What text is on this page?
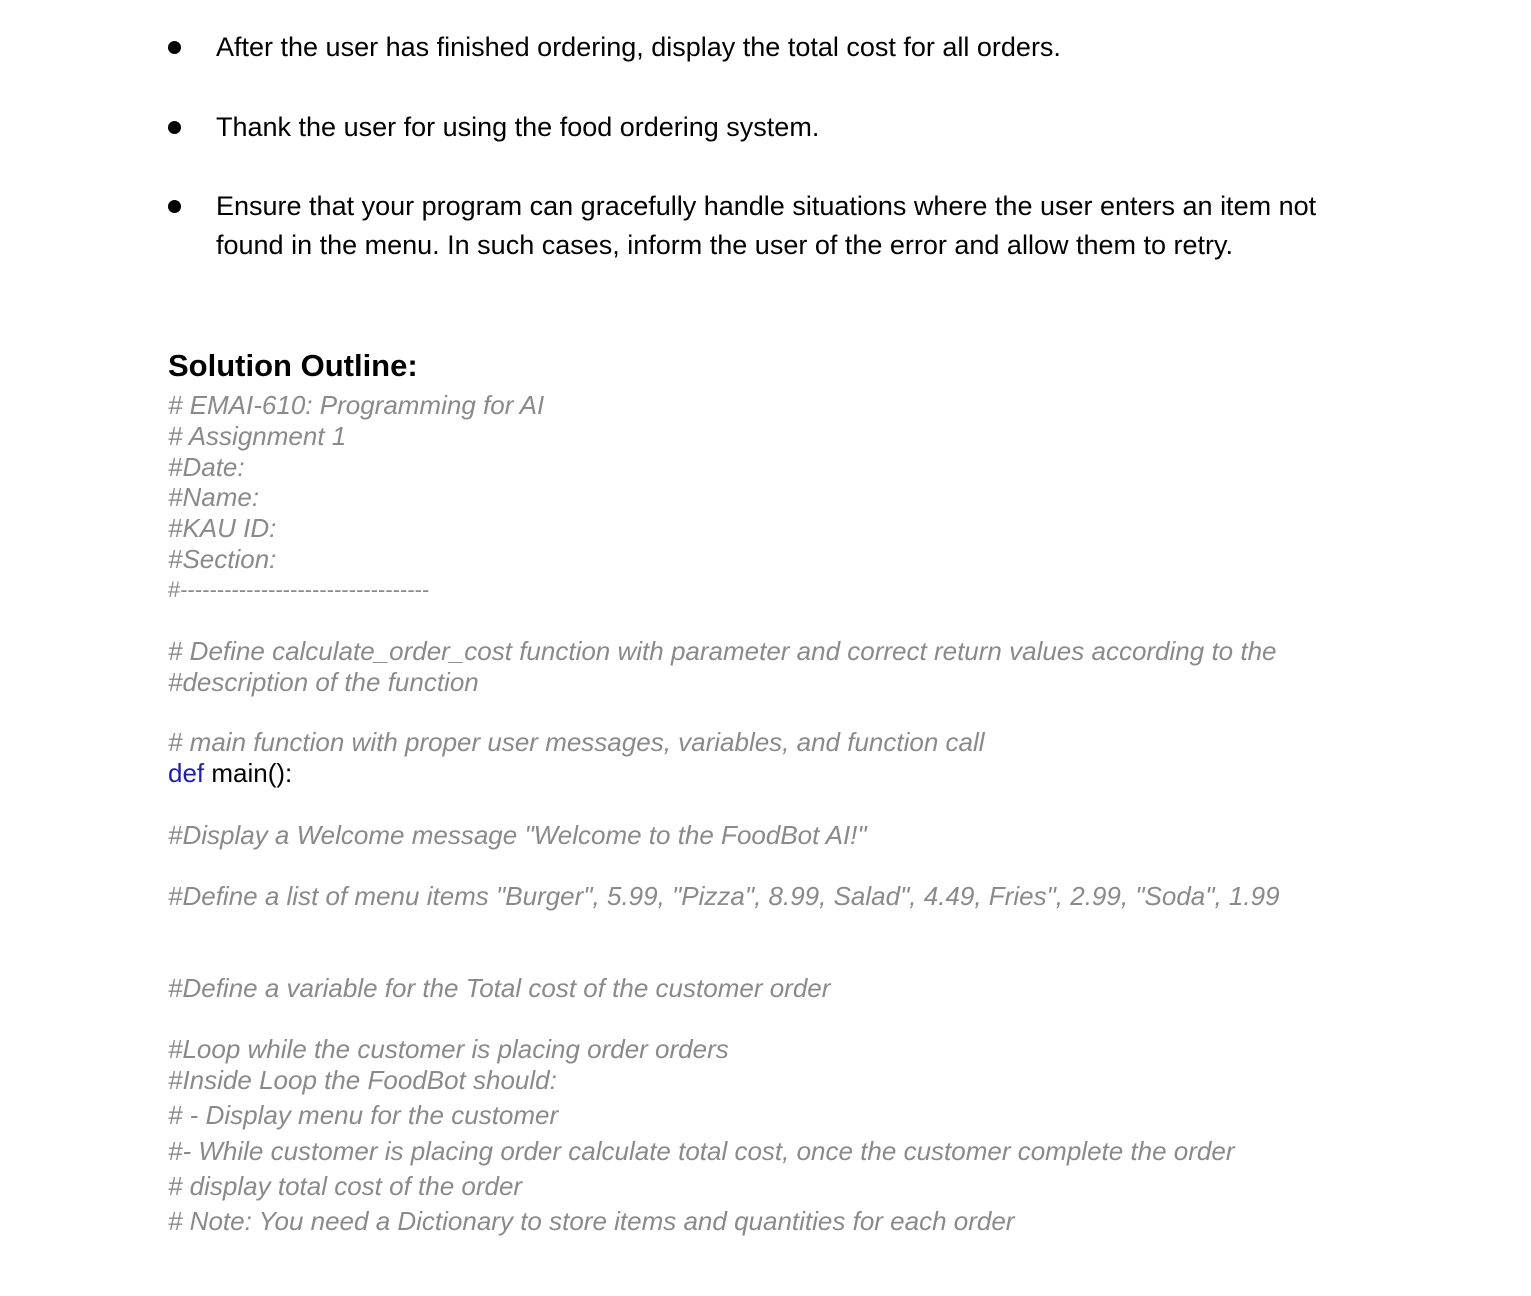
After the user has finished ordering, display the total cost for all orders.
Thank the user for using the food ordering system.
Ensure that your program can gracefully handle situations where the user enters an item not found in the menu. In such cases, inform the user of the error and allow them to retry.
Solution Outline:
# EMAI-610: Programming for AI
# Assignment 1
#Date:
#Name:
#KAU ID:
#Section:
#----------------------------------
# Define calculate_order_cost function with parameter and correct return values according to the
#description of the function
# main function with proper user messages, variables, and function call
def main():
#Display a Welcome message "Welcome to the FoodBot AI!"
#Define a list of menu items "Burger", 5.99, "Pizza", 8.99, Salad", 4.49, Fries", 2.99, "Soda", 1.99
#Define a variable for the Total cost of the customer order
#Loop while the customer is placing order orders
#Inside Loop the FoodBot should:
# - Display menu for the customer
#- While customer is placing order calculate total cost, once the customer complete the order
# display total cost of the order
# Note: You need a Dictionary to store items and quantities for each order
